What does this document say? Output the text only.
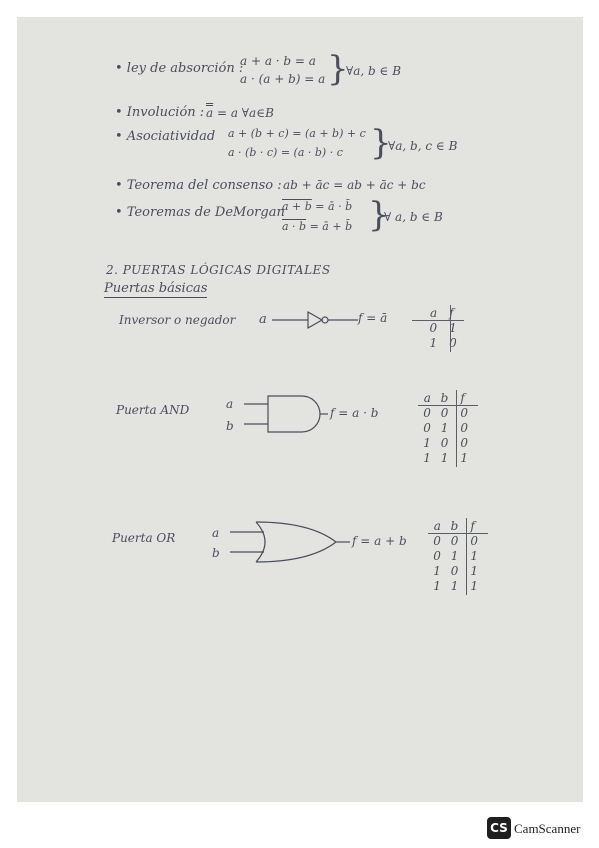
• ley de absorción :
a + a · b = a
a · (a + b) = a }
∀a, b ∈ B
• Involución : a = a ∀a∈B
• Asociatividad a + (b + c) = (a + b) + c
a · (b · c) = (a · b) · c }
∀a, b, c ∈ B
• Teorema del consenso : ab + āc = ab + āc + bc
• Teoremas de DeMorgan
a + b = ā · b̄
a · b = ā + b̄ }
∀ a, b ∈ B
2. PUERTAS LÓGICAS DIGITALES
Puertas básicas
Inversor o negador a	f = ā	a f
0 1
1 0
Puerta AND	a
b
f = a · b
a b f
0 0 0
0 1 0
1 0 0
1 1 1
Puerta OR	a
b
f = a + b
a b f
0 0 0
0 1 1
1 0 1
1 1 1
CS CamScanner
